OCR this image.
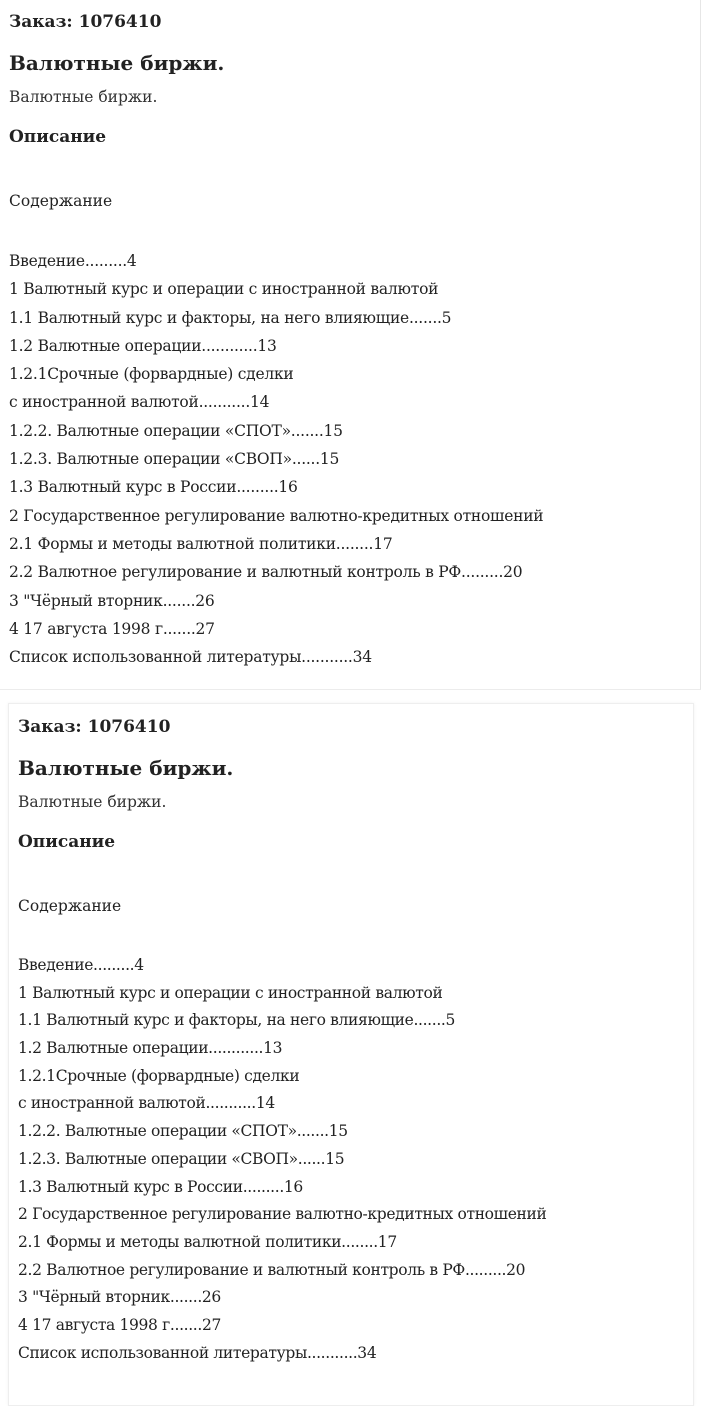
Заказ: 1076410
Валютные биржи.
Валютные биржи.
Описание
Содержание
Введение.........4
1 Валютный курс и операции с иностранной валютой
1.1 Валютный курс и факторы, на него влияющие.......5
1.2 Валютные операции............13
1.2.1Срочные (форвардные) сделки
с иностранной валютой...........14
1.2.2. Валютные операции «СПОТ».......15
1.2.3. Валютные операции «СВОП»......15
1.3 Валютный курс в России.........16
2 Государственное регулирование валютно-кредитных отношений
2.1 Формы и методы валютной политики........17
2.2 Валютное регулирование и валютный контроль в РФ.........20
3 "Чёрный вторник.......26
4 17 августа 1998 г.......27
Список использованной литературы...........34
Заказ: 1076410
Валютные биржи.
Валютные биржи.
Описание
Содержание
Введение.........4
1 Валютный курс и операции с иностранной валютой
1.1 Валютный курс и факторы, на него влияющие.......5
1.2 Валютные операции............13
1.2.1Срочные (форвардные) сделки
с иностранной валютой...........14
1.2.2. Валютные операции «СПОТ».......15
1.2.3. Валютные операции «СВОП»......15
1.3 Валютный курс в России.........16
2 Государственное регулирование валютно-кредитных отношений
2.1 Формы и методы валютной политики........17
2.2 Валютное регулирование и валютный контроль в РФ.........20
3 "Чёрный вторник.......26
4 17 августа 1998 г.......27
Список использованной литературы...........34
